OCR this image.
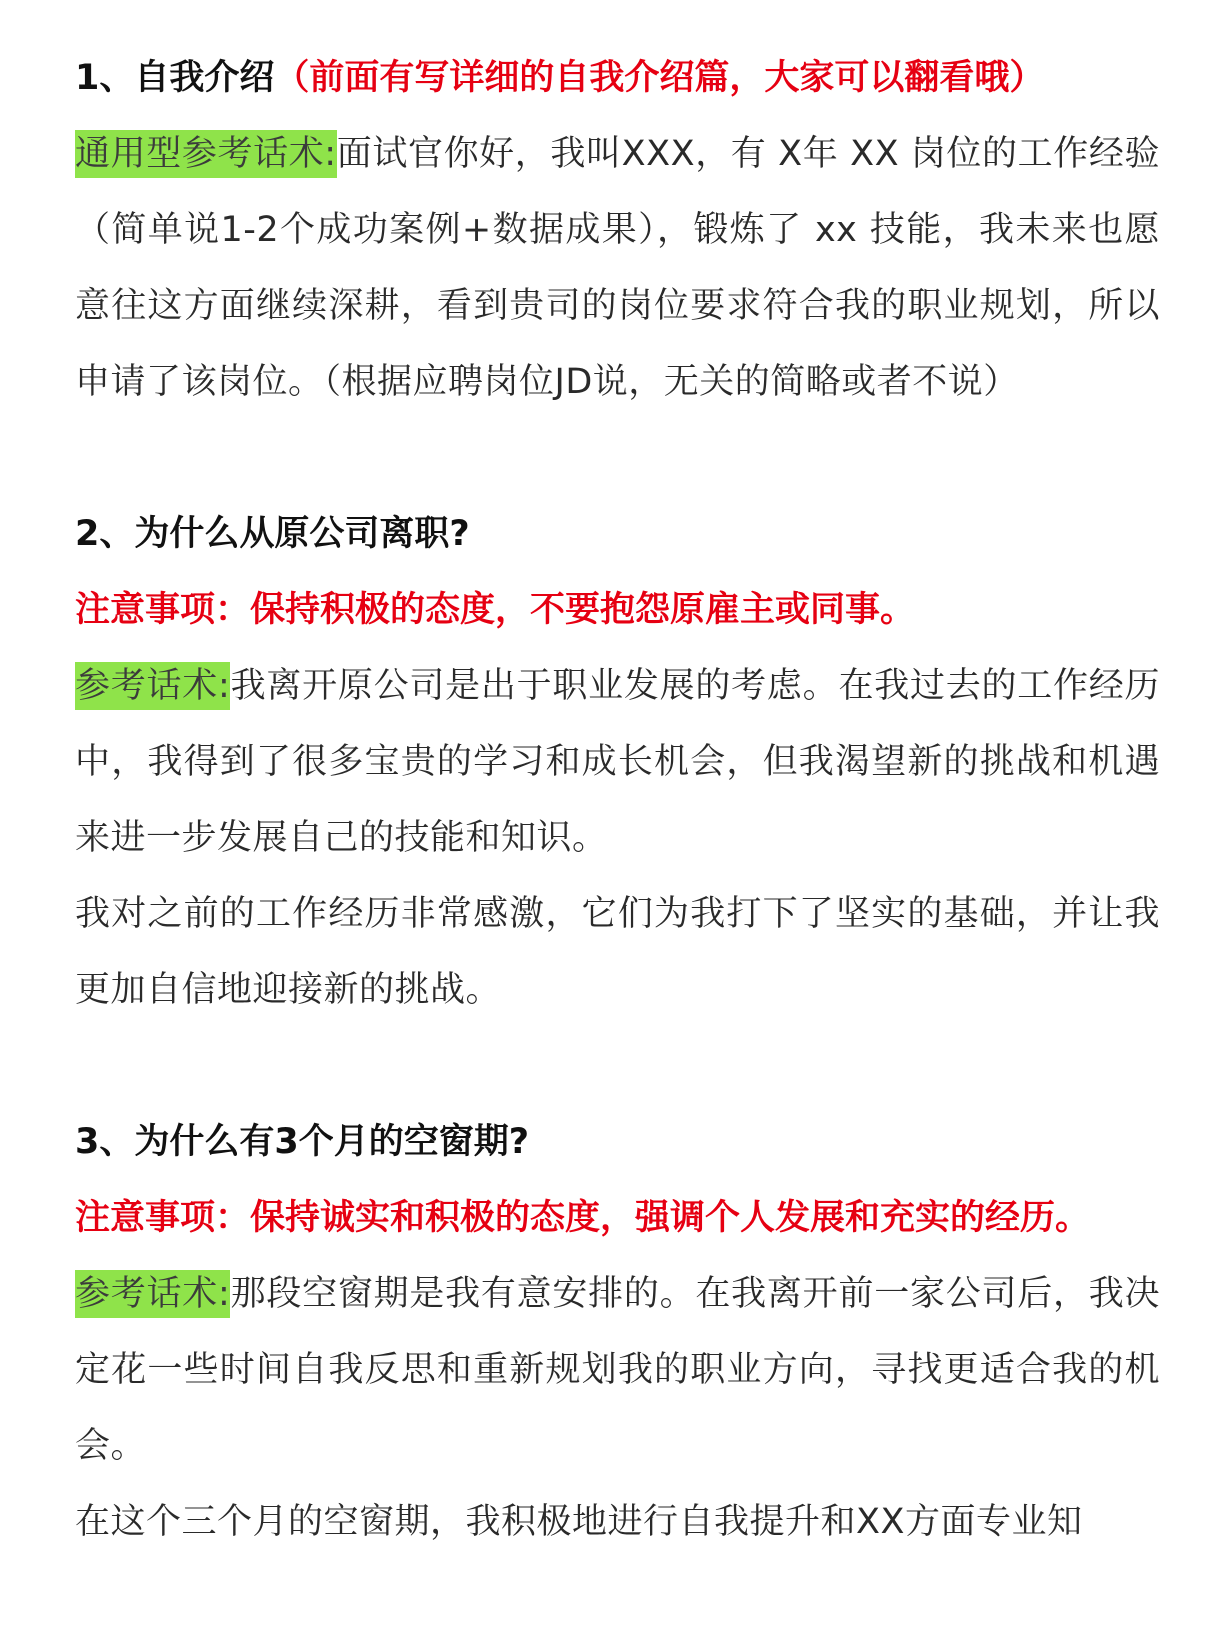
1、自我介绍（前面有写详细的自我介绍篇，大家可以翻看哦）

通用型参考话术:面试官你好，我叫XXX，有 X年 XX 岗位的工作经验（简单说1-2个成功案例+数据成果），锻炼了 xx 技能，我未来也愿意往这方面继续深耕，看到贵司的岗位要求符合我的职业规划，所以申请了该岗位。（根据应聘岗位JD说，无关的简略或者不说）

2、为什么从原公司离职?

注意事项：保持积极的态度，不要抱怨原雇主或同事。

参考话术:我离开原公司是出于职业发展的考虑。在我过去的工作经历中，我得到了很多宝贵的学习和成长机会，但我渴望新的挑战和机遇来进一步发展自己的技能和知识。

我对之前的工作经历非常感激，它们为我打下了坚实的基础，并让我更加自信地迎接新的挑战。

3、为什么有3个月的空窗期?

注意事项：保持诚实和积极的态度，强调个人发展和充实的经历。

参考话术:那段空窗期是我有意安排的。在我离开前一家公司后，我决定花一些时间自我反思和重新规划我的职业方向，寻找更适合我的机会。

在这个三个月的空窗期，我积极地进行自我提升和XX方面专业知
